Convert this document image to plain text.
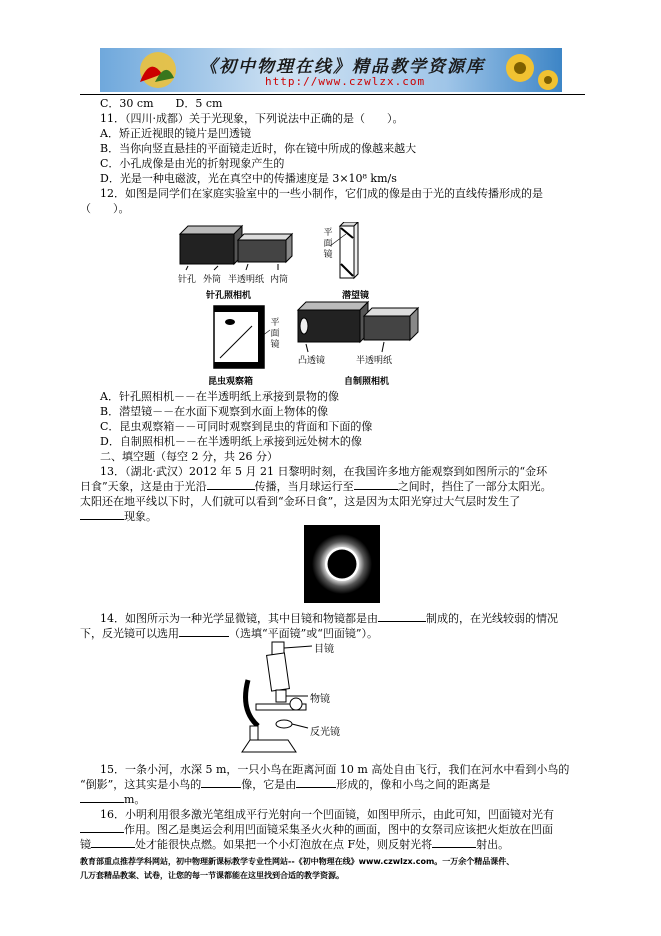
《初中物理在线》精品教学资源库
http://www.czwlzx.com
C．30 cm　　D．5 cm
11．（四川·成都）关于光现象，下列说法中正确的是（　　）。
A．矫正近视眼的镜片是凹透镜
B．当你向竖直悬挂的平面镜走近时，你在镜中所成的像越来越大
C．小孔成像是由光的折射现象产生的
D．光是一种电磁波，光在真空中的传播速度是 3×10⁸ km/s
12．如图是同学们在家庭实验室中的一些小制作，它们成的像是由于光的直线传播形成的是
（　　）。
针孔 外筒 半透明纸 内筒
针孔照相机
平
面
镜
潜望镜
平
面
镜
昆虫观察箱
凸透镜	半透明纸
自制照相机
A．针孔照相机－－在半透明纸上承接到景物的像
B．潜望镜－－在水面下观察到水面上物体的像
C．昆虫观察箱－－可同时观察到昆虫的背面和下面的像
D．自制照相机－－在半透明纸上承接到远处树木的像
二、填空题（每空 2 分，共 26 分）
13．（湖北·武汉）2012 年 5 月 21 日黎明时刻，在我国许多地方能观察到如图所示的“金环
日食”天象，这是由于光沿	传播，当月球运行至	之间时，挡住了一部分太阳光。
太阳还在地平线以下时，人们就可以看到“金环日食”，这是因为太阳光穿过大气层时发生了
现象。
14．如图所示为一种光学显微镜，其中目镜和物镜都是由	制成的，在光线较弱的情况
下，反光镜可以选用	（选填“平面镜”或“凹面镜”）。
目镜
物镜
反光镜
15．一条小河，水深 5 m，一只小鸟在距离河面 10 m 高处自由飞行，我们在河水中看到小鸟的
“倒影”，这其实是小鸟的	像，它是由	形成的，像和小鸟之间的距离是
m。
16．小明利用很多激光笔组成平行光射向一个凹面镜，如图甲所示，由此可知，凹面镜对光有
作用。图乙是奥运会利用凹面镜采集圣火火种的画面，图中的女祭司应该把火炬放在凹面
镜	处才能很快点燃。如果把一个小灯泡放在点 F处，则反射光将	射出。
教育部重点推荐学科网站，初中物理新课标教学专业性网站--《初中物理在线》www.czwlzx.com。一万余个精品课件、
几万套精品教案、试卷，让您的每一节课都能在这里找到合适的教学资源。
